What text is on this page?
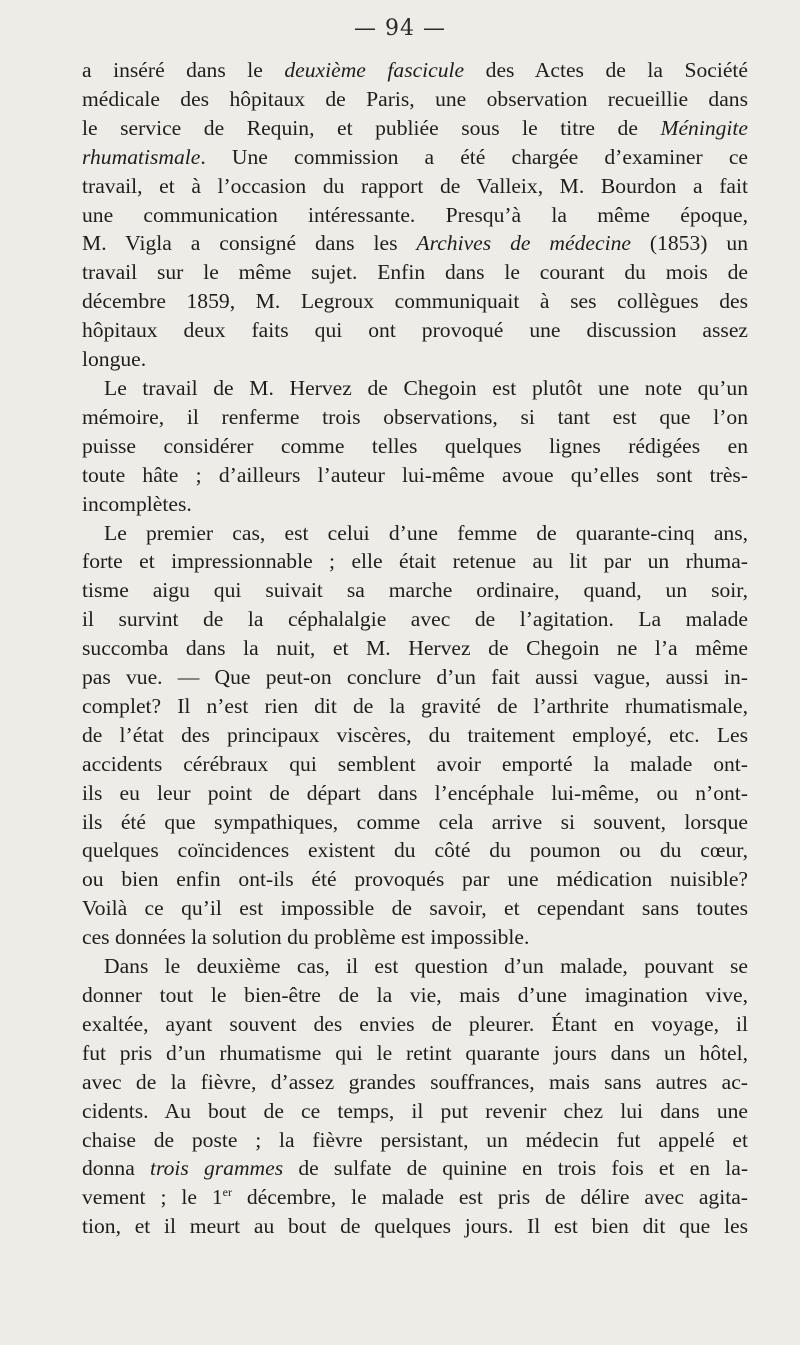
— 94 —

a inséré dans le deuxième fascicule des Actes de la Société
médicale des hôpitaux de Paris, une observation recueillie dans
le service de Requin, et publiée sous le titre de Méningite
rhumatismale. Une commission a été chargée d’examiner ce
travail, et à l’occasion du rapport de Valleix, M. Bourdon a fait
une communication intéressante. Presqu’à la même époque,
M. Vigla a consigné dans les Archives de médecine (1853) un
travail sur le même sujet. Enfin dans le courant du mois de
décembre 1859, M. Legroux communiquait à ses collègues des
hôpitaux deux faits qui ont provoqué une discussion assez
longue.

Le travail de M. Hervez de Chegoin est plutôt une note qu’un
mémoire, il renferme trois observations, si tant est que l’on
puisse considérer comme telles quelques lignes rédigées en
toute hâte ; d’ailleurs l’auteur lui-même avoue qu’elles sont très-
incomplètes.

Le premier cas, est celui d’une femme de quarante-cinq ans,
forte et impressionnable ; elle était retenue au lit par un rhuma-
tisme aigu qui suivait sa marche ordinaire, quand, un soir,
il survint de la céphalalgie avec de l’agitation. La malade
succomba dans la nuit, et M. Hervez de Chegoin ne l’a même
pas vue. — Que peut-on conclure d’un fait aussi vague, aussi in-
complet? Il n’est rien dit de la gravité de l’arthrite rhumatismale,
de l’état des principaux viscères, du traitement employé, etc. Les
accidents cérébraux qui semblent avoir emporté la malade ont-
ils eu leur point de départ dans l’encéphale lui-même, ou n’ont-
ils été que sympathiques, comme cela arrive si souvent, lorsque
quelques coïncidences existent du côté du poumon ou du cœur,
ou bien enfin ont-ils été provoqués par une médication nuisible?
Voilà ce qu’il est impossible de savoir, et cependant sans toutes
ces données la solution du problème est impossible.

Dans le deuxième cas, il est question d’un malade, pouvant se
donner tout le bien-être de la vie, mais d’une imagination vive,
exaltée, ayant souvent des envies de pleurer. Étant en voyage, il
fut pris d’un rhumatisme qui le retint quarante jours dans un hôtel,
avec de la fièvre, d’assez grandes souffrances, mais sans autres ac-
cidents. Au bout de ce temps, il put revenir chez lui dans une
chaise de poste ; la fièvre persistant, un médecin fut appelé et
donna trois grammes de sulfate de quinine en trois fois et en la-
vement ; le 1er décembre, le malade est pris de délire avec agita-
tion, et il meurt au bout de quelques jours. Il est bien dit que les
